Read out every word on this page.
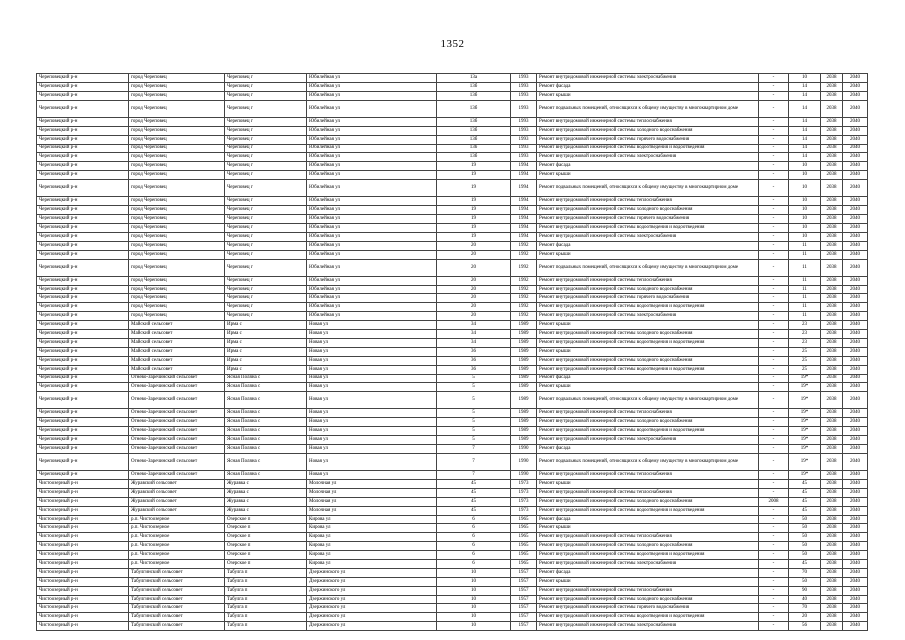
1352
Череповецкий р-н	город Череповец	Череповец г	Юбилейная ул	13а	1993	Ремонт внутридомовой инженерной системы электроснабжения	-	10	2038	2040
Череповецкий р-н	город Череповец	Череповец г	Юбилейная ул	13б	1993	Ремонт фасада	-	14	2038	2040
Череповецкий р-н	город Череповец	Череповец г	Юбилейная ул	13б	1993	Ремонт крыши	-	14	2038	2040
Череповецкий р-н	город Череповец	Череповец г	Юбилейная ул	13б	1993	Ремонт подвальных помещений, относящихся к общему имуществу в многоквартирном доме	-	14	2038	2040
Череповецкий р-н	город Череповец	Череповец г	Юбилейная ул	13б	1993	Ремонт внутридомовой инженерной системы теплоснабжения	-	14	2038	2040
Череповецкий р-н	город Череповец	Череповец г	Юбилейная ул	13б	1993	Ремонт внутридомовой инженерной системы холодного водоснабжения	-	14	2038	2040
Череповецкий р-н	город Череповец	Череповец г	Юбилейная ул	13б	1993	Ремонт внутридомовой инженерной системы горячего водоснабжения	-	14	2038	2040
Череповецкий р-н	город Череповец	Череповец г	Юбилейная ул	13б	1993	Ремонт внутридомовой инженерной системы водоотведения и водоотведения	-	14	2038	2040
Череповецкий р-н	город Череповец	Череповец г	Юбилейная ул	13б	1993	Ремонт внутридомовой инженерной системы электроснабжения	-	14	2038	2040
Череповецкий р-н	город Череповец	Череповец г	Юбилейная ул	19	1994	Ремонт фасада	-	10	2038	2040
Череповецкий р-н	город Череповец	Череповец г	Юбилейная ул	19	1994	Ремонт крыши	-	10	2038	2040
Череповецкий р-н	город Череповец	Череповец г	Юбилейная ул	19	1994	Ремонт подвальных помещений, относящихся к общему имуществу в многоквартирном доме	-	10	2038	2040
Череповецкий р-н	город Череповец	Череповец г	Юбилейная ул	19	1994	Ремонт внутридомовой инженерной системы теплоснабжения	-	10	2038	2040
Череповецкий р-н	город Череповец	Череповец г	Юбилейная ул	19	1994	Ремонт внутридомовой инженерной системы холодного водоснабжения	-	10	2038	2040
Череповецкий р-н	город Череповец	Череповец г	Юбилейная ул	19	1994	Ремонт внутридомовой инженерной системы горячего водоснабжения	-	10	2038	2040
Череповецкий р-н	город Череповец	Череповец г	Юбилейная ул	19	1994	Ремонт внутридомовой инженерной системы водоотведения и водоотведения	-	10	2038	2040
Череповецкий р-н	город Череповец	Череповец г	Юбилейная ул	19	1994	Ремонт внутридомовой инженерной системы электроснабжения	-	10	2038	2040
Череповецкий р-н	город Череповец	Череповец г	Юбилейная ул	20	1992	Ремонт фасада	-	11	2038	2040
Череповецкий р-н	город Череповец	Череповец г	Юбилейная ул	20	1992	Ремонт крыши	-	11	2038	2040
Череповецкий р-н	город Череповец	Череповец г	Юбилейная ул	20	1992	Ремонт подвальных помещений, относящихся к общему имуществу в многоквартирном доме	-	11	2038	2040
Череповецкий р-н	город Череповец	Череповец г	Юбилейная ул	20	1992	Ремонт внутридомовой инженерной системы теплоснабжения	-	11	2038	2040
Череповецкий р-н	город Череповец	Череповец г	Юбилейная ул	20	1992	Ремонт внутридомовой инженерной системы холодного водоснабжения	-	11	2038	2040
Череповецкий р-н	город Череповец	Череповец г	Юбилейная ул	20	1992	Ремонт внутридомовой инженерной системы горячего водоснабжения	-	11	2038	2040
Череповецкий р-н	город Череповец	Череповец г	Юбилейная ул	20	1992	Ремонт внутридомовой инженерной системы водоотведения и водоотведения	-	11	2038	2040
Череповецкий р-н	город Череповец	Череповец г	Юбилейная ул	20	1992	Ремонт внутридомовой инженерной системы электроснабжения	-	11	2038	2040
Череповецкий р-н	Майский сельсовет	Ирма с	Новая ул	34	1989	Ремонт крыши	-	23	2038	2040
Череповецкий р-н	Майский сельсовет	Ирма с	Новая ул	34	1989	Ремонт внутридомовой инженерной системы холодного водоснабжения	-	23	2038	2040
Череповецкий р-н	Майский сельсовет	Ирма с	Новая ул	34	1989	Ремонт внутридомовой инженерной системы водоотведения и водоотведения	-	23	2038	2040
Череповецкий р-н	Майский сельсовет	Ирма с	Новая ул	36	1989	Ремонт крыши	-	25	2038	2040
Череповецкий р-н	Майский сельсовет	Ирма с	Новая ул	36	1989	Ремонт внутридомовой инженерной системы холодного водоснабжения	-	25	2038	2040
Череповецкий р-н	Майский сельсовет	Ирма с	Новая ул	36	1989	Ремонт внутридомовой инженерной системы водоотведения и водоотведения	-	25	2038	2040
Череповецкий р-н	Огнево-Заречинский сельсовет	Ясная Поляна с	Новая ул	5	1989	Ремонт фасада	-	19*	2038	2040
Череповецкий р-н	Огнево-Заречинский сельсовет	Ясная Поляна с	Новая ул	5	1989	Ремонт крыши	-	19*	2038	2040
Череповецкий р-н	Огнево-Заречинский сельсовет	Ясная Поляна с	Новая ул	5	1989	Ремонт подвальных помещений, относящихся к общему имуществу в многоквартирном доме	-	19*	2038	2040
Череповецкий р-н	Огнево-Заречинский сельсовет	Ясная Поляна с	Новая ул	5	1989	Ремонт внутридомовой инженерной системы теплоснабжения	-	19*	2038	2040
Череповецкий р-н	Огнево-Заречинский сельсовет	Ясная Поляна с	Новая ул	5	1989	Ремонт внутридомовой инженерной системы холодного водоснабжения	-	19*	2038	2040
Череповецкий р-н	Огнево-Заречинский сельсовет	Ясная Поляна с	Новая ул	5	1989	Ремонт внутридомовой инженерной системы водоотведения и водоотведения	-	19*	2038	2040
Череповецкий р-н	Огнево-Заречинский сельсовет	Ясная Поляна с	Новая ул	5	1989	Ремонт внутридомовой инженерной системы электроснабжения	-	19*	2038	2040
Череповецкий р-н	Огнево-Заречинский сельсовет	Ясная Поляна с	Новая ул	7	1990	Ремонт фасада	-	19*	2038	2040
Череповецкий р-н	Огнево-Заречинский сельсовет	Ясная Поляна с	Новая ул	7	1990	Ремонт подвальных помещений, относящихся к общему имуществу в многоквартирном доме	-	19*	2038	2040
Череповецкий р-н	Огнево-Заречинский сельсовет	Ясная Поляна с	Новая ул	7	1990	Ремонт внутридомовой инженерной системы теплоснабжения	-	19*	2038	2040
Чистоозерный р-н	Журавский сельсовет	Журавка с	Молочная ул	45	1973	Ремонт крыши	-	45	2038	2040
Чистоозерный р-н	Журавский сельсовет	Журавка с	Молочная ул	45	1973	Ремонт внутридомовой инженерной системы теплоснабжения	-	45	2038	2040
Чистоозерный р-н	Журавский сельсовет	Журавка с	Молочная ул	45	1973	Ремонт внутридомовой инженерной системы холодного водоснабжения	2008	45	2038	2040
Чистоозерный р-н	Журавский сельсовет	Журавка с	Молочная ул	45	1973	Ремонт внутридомовой инженерной системы водоотведения и водоотведения	-	45	2038	2040
Чистоозерный р-н	р.п. Чистоозерное	Озерское п	Кирова ул	6	1965	Ремонт фасада	-	50	2038	2040
Чистоозерный р-н	р.п. Чистоозерное	Озерское п	Кирова ул	6	1965	Ремонт крыши	-	50	2038	2040
Чистоозерный р-н	р.п. Чистоозерное	Озерское п	Кирова ул	6	1965	Ремонт внутридомовой инженерной системы теплоснабжения	-	50	2038	2040
Чистоозерный р-н	р.п. Чистоозерное	Озерское п	Кирова ул	6	1965	Ремонт внутридомовой инженерной системы холодного водоснабжения	-	50	2038	2040
Чистоозерный р-н	р.п. Чистоозерное	Озерское п	Кирова ул	6	1965	Ремонт внутридомовой инженерной системы водоотведения и водоотведения	-	50	2038	2040
Чистоозерный р-н	р.п. Чистоозерное	Озерское п	Кирова ул	6	1965	Ремонт внутридомовой инженерной системы электроснабжения	-	45	2038	2040
Чистоозерный р-н	Табулгинский сельсовет	Табулга п	Дзержинского ул	10	1957	Ремонт фасада	-	70	2038	2040
Чистоозерный р-н	Табулгинский сельсовет	Табулга п	Дзержинского ул	10	1957	Ремонт крыши	-	50	2038	2040
Чистоозерный р-н	Табулгинский сельсовет	Табулга п	Дзержинского ул	10	1957	Ремонт внутридомовой инженерной системы теплоснабжения	-	90	2038	2040
Чистоозерный р-н	Табулгинский сельсовет	Табулга п	Дзержинского ул	10	1957	Ремонт внутридомовой инженерной системы холодного водоснабжения	-	40	2038	2040
Чистоозерный р-н	Табулгинский сельсовет	Табулга п	Дзержинского ул	10	1957	Ремонт внутридомовой инженерной системы горячего водоснабжения	-	70	2038	2040
Чистоозерный р-н	Табулгинский сельсовет	Табулга п	Дзержинского ул	10	1957	Ремонт внутридомовой инженерной системы водоотведения и водоотведения	-	20	2038	2040
Чистоозерный р-н	Табулгинский сельсовет	Табулга п	Дзержинского ул	10	1957	Ремонт внутридомовой инженерной системы электроснабжения	-	56	2038	2040
